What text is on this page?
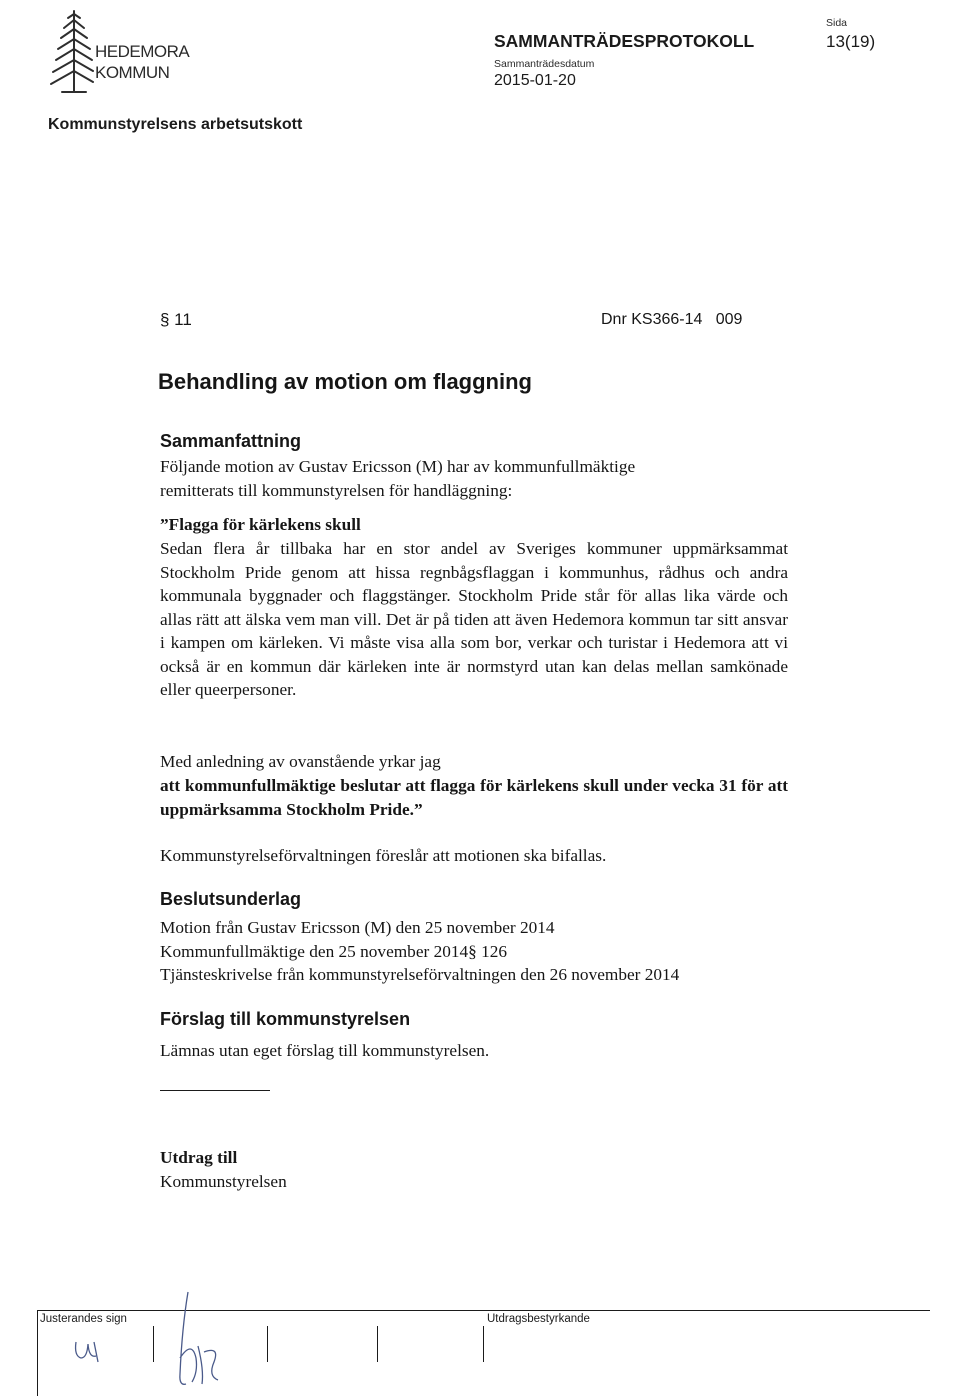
HEDEMORA
KOMMUN
SAMMANTRÄDESPROTOKOLL
Sammanträdesdatum
2015-01-20
Sida
13(19)
Kommunstyrelsens arbetsutskott
§ 11	Dnr KS366-14   009
Behandling av motion om flaggning
Sammanfattning
Följande motion av Gustav Ericsson (M) har av kommunfullmäktige remitterats till kommunstyrelsen för handläggning:
”Flagga för kärlekens skull
Sedan flera år tillbaka har en stor andel av Sveriges kommuner uppmärksammat Stockholm Pride genom att hissa regnbågsflaggan i kommunhus, rådhus och andra kommunala byggnader och flaggstänger. Stockholm Pride står för allas lika värde och allas rätt att älska vem man vill. Det är på tiden att även Hedemora kommun tar sitt ansvar i kampen om kärleken. Vi måste visa alla som bor, verkar och turistar i Hedemora att vi också är en kommun där kärleken inte är normstyrd utan kan delas mellan samkönade eller queerpersoner.
Med anledning av ovanstående yrkar jag
att kommunfullmäktige beslutar att flagga för kärlekens skull under vecka 31 för att uppmärksamma Stockholm Pride.”
Kommunstyrelseförvaltningen föreslår att motionen ska bifallas.
Beslutsunderlag
Motion från Gustav Ericsson (M) den 25 november 2014
Kommunfullmäktige den 25 november 2014§ 126
Tjänsteskrivelse från kommunstyrelseförvaltningen den 26 november 2014
Förslag till kommunstyrelsen
Lämnas utan eget förslag till kommunstyrelsen.
Utdrag till
Kommunstyrelsen
Justerandes sign	Utdragsbestyrkande
